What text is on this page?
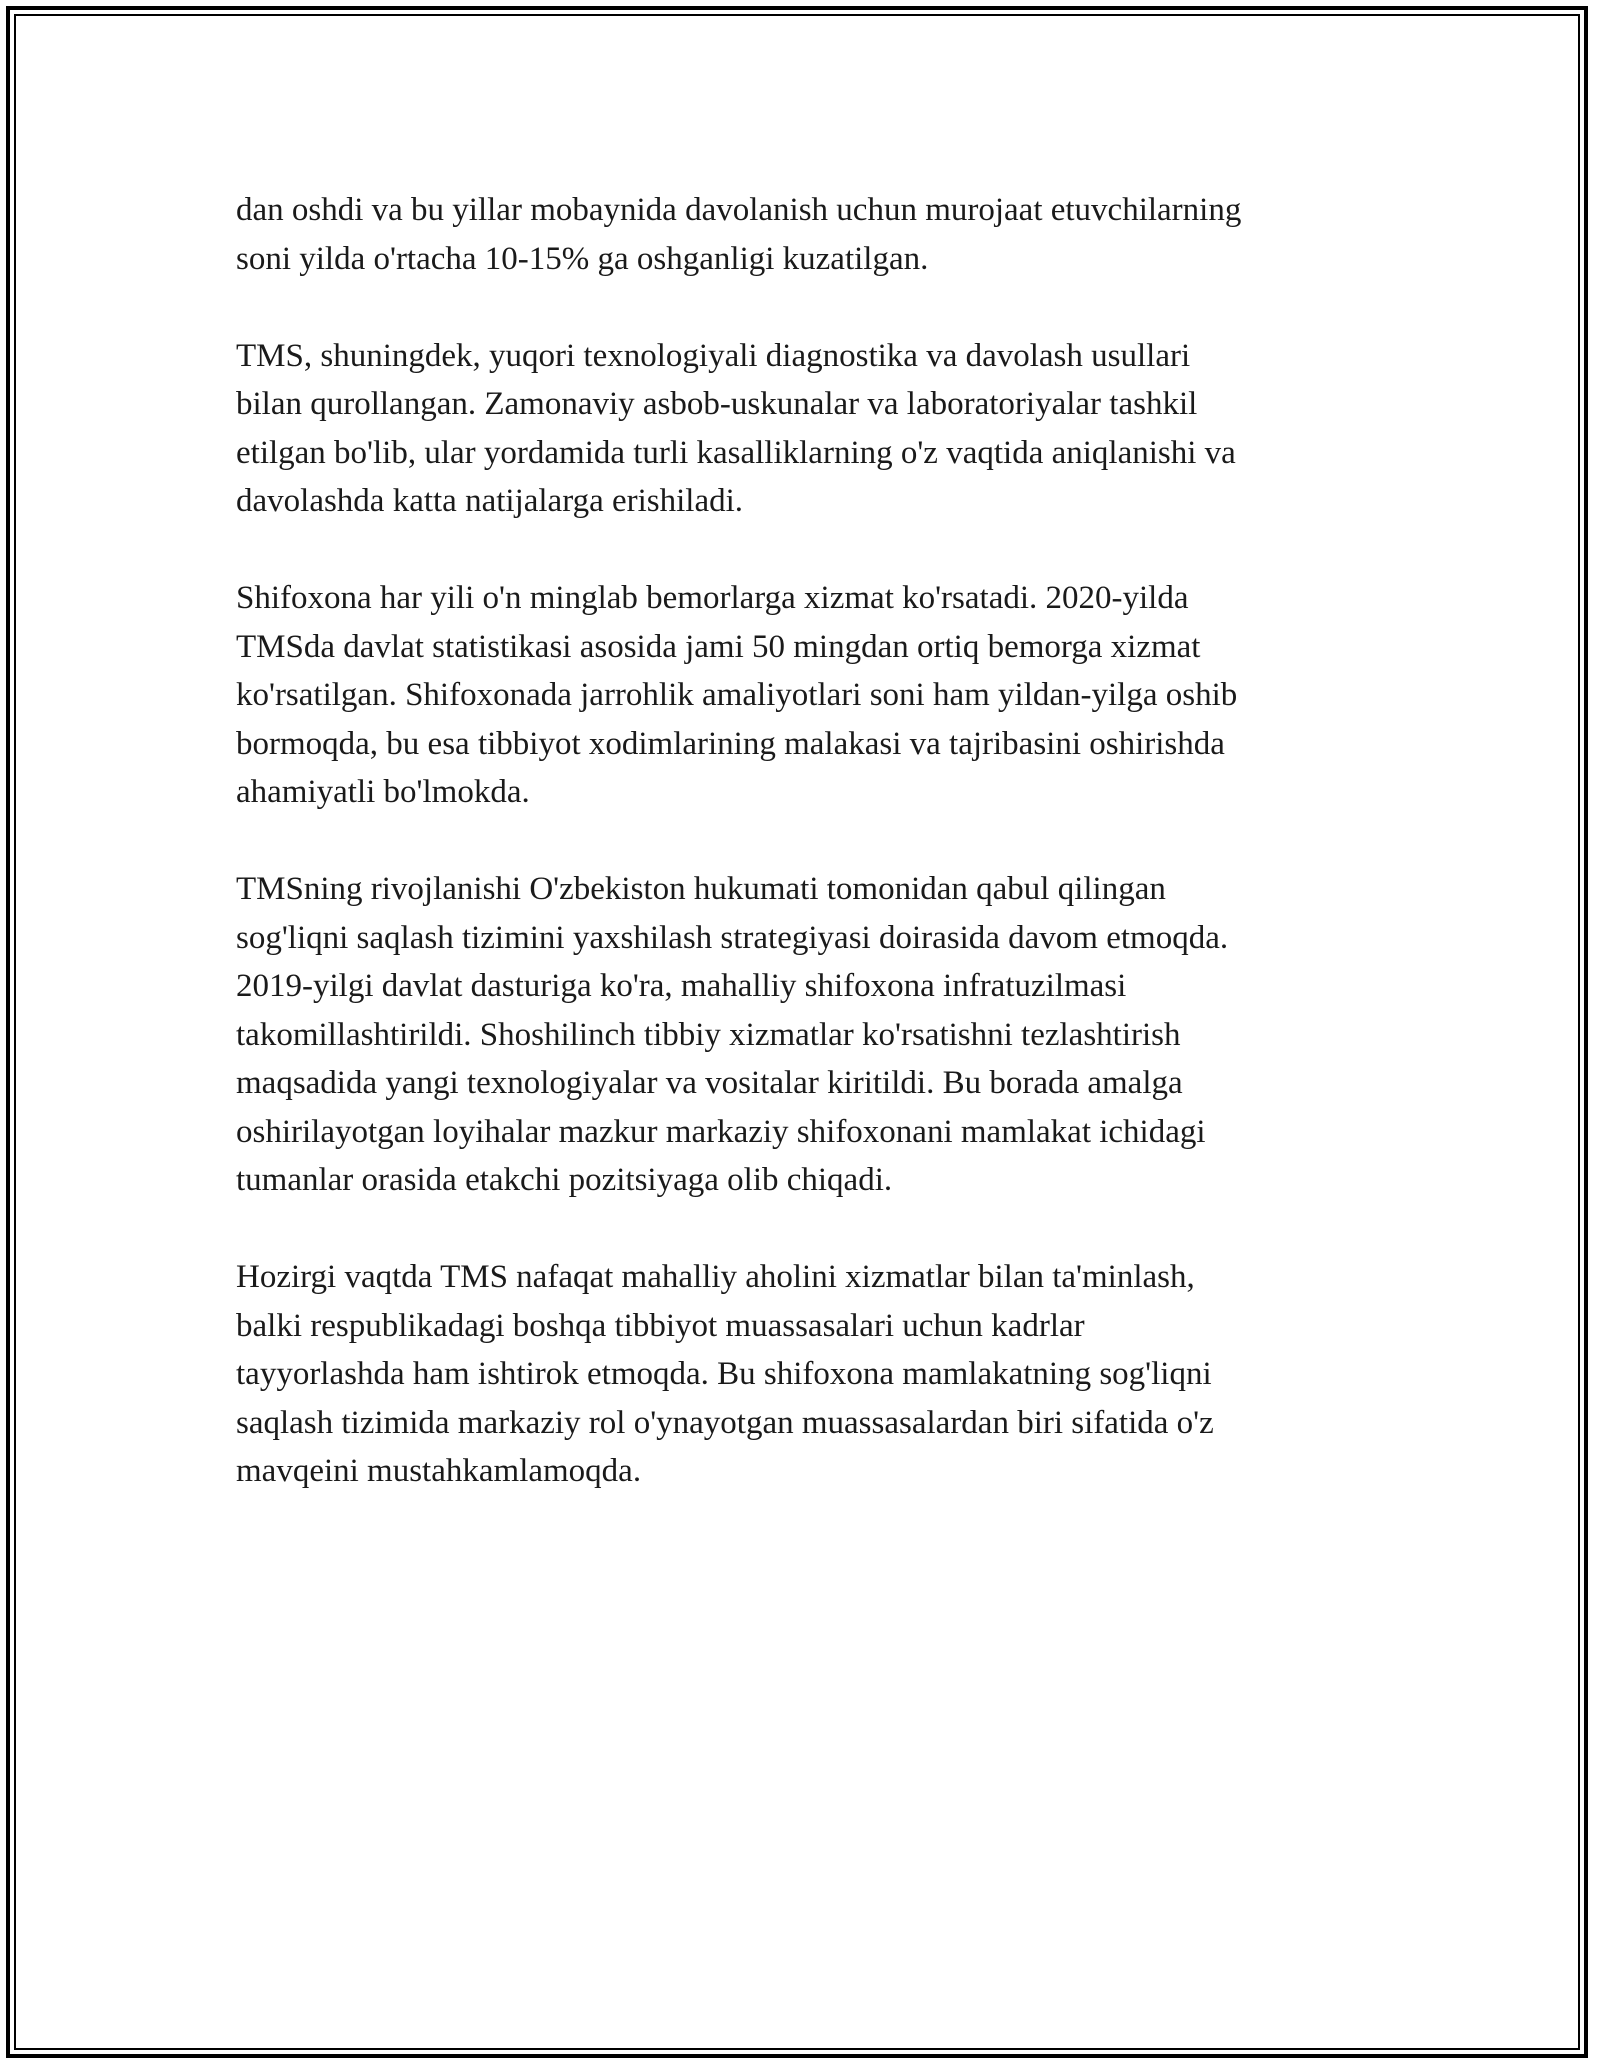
dan oshdi va bu yillar mobaynida davolanish uchun murojaat etuvchilarning
soni yilda o'rtacha 10-15% ga oshganligi kuzatilgan.

TMS, shuningdek, yuqori texnologiyali diagnostika va davolash usullari
bilan qurollangan. Zamonaviy asbob-uskunalar va laboratoriyalar tashkil
etilgan bo'lib, ular yordamida turli kasalliklarning o'z vaqtida aniqlanishi va
davolashda katta natijalarga erishiladi.

Shifoxona har yili o'n minglab bemorlarga xizmat ko'rsatadi. 2020-yilda
TMSda davlat statistikasi asosida jami 50 mingdan ortiq bemorga xizmat
ko'rsatilgan. Shifoxonada jarrohlik amaliyotlari soni ham yildan-yilga oshib
bormoqda, bu esa tibbiyot xodimlarining malakasi va tajribasini oshirishda
ahamiyatli bo'lmokda.

TMSning rivojlanishi O'zbekiston hukumati tomonidan qabul qilingan
sog'liqni saqlash tizimini yaxshilash strategiyasi doirasida davom etmoqda.
2019-yilgi davlat dasturiga ko'ra, mahalliy shifoxona infratuzilmasi
takomillashtirildi. Shoshilinch tibbiy xizmatlar ko'rsatishni tezlashtirish
maqsadida yangi texnologiyalar va vositalar kiritildi. Bu borada amalga
oshirilayotgan loyihalar mazkur markaziy shifoxonani mamlakat ichidagi
tumanlar orasida etakchi pozitsiyaga olib chiqadi.

Hozirgi vaqtda TMS nafaqat mahalliy aholini xizmatlar bilan ta'minlash,
balki respublikadagi boshqa tibbiyot muassasalari uchun kadrlar
tayyorlashda ham ishtirok etmoqda. Bu shifoxona mamlakatning sog'liqni
saqlash tizimida markaziy rol o'ynayotgan muassasalardan biri sifatida o'z
mavqeini mustahkamlamoqda.
